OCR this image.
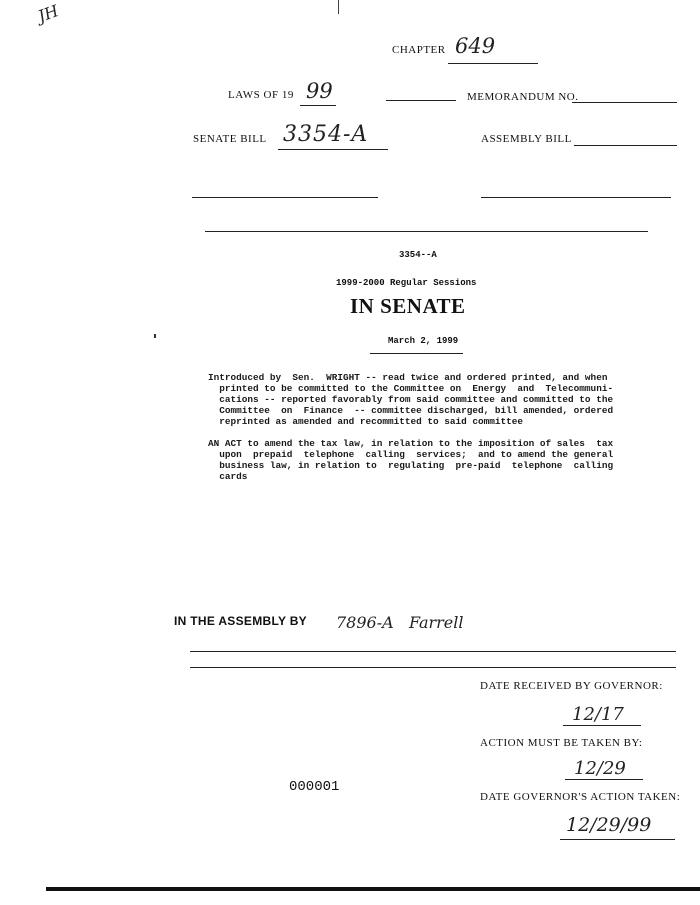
JH
CHAPTER 649
LAWS OF 19 99	MEMORANDUM NO.
SENATE BILL 3354-A	ASSEMBLY BILL
3354--A
1999-2000 Regular Sessions
IN SENATE
March 2, 1999
Introduced by  Sen.  WRIGHT -- read twice and ordered printed, and when
printed to be committed to the Committee on  Energy  and  Telecommuni-
cations -- reported favorably from said committee and committed to the
Committee  on  Finance  -- committee discharged, bill amended, ordered
reprinted as amended and recommitted to said committee
AN ACT to amend the tax law, in relation to the imposition of sales  tax
upon  prepaid  telephone  calling  services;  and to amend the general
business law, in relation to  regulating  pre-paid  telephone  calling
cards
IN THE ASSEMBLY BY 7896-A   Farrell
DATE RECEIVED BY GOVERNOR:
12/17
ACTION MUST BE TAKEN BY:
12/29
000001
DATE GOVERNOR'S ACTION TAKEN:
12/29/99
